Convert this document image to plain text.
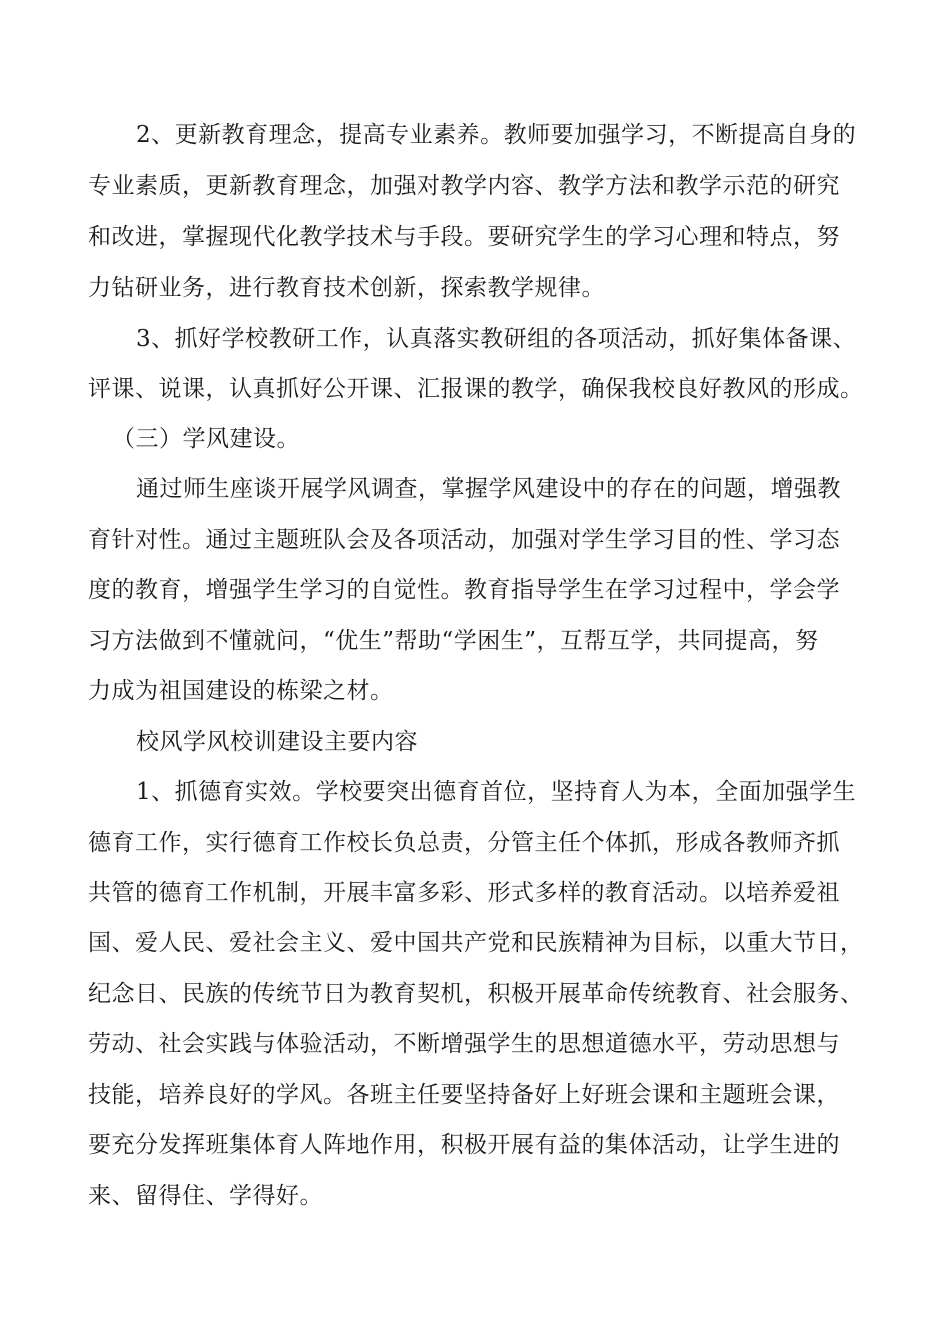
2、更新教育理念，提高专业素养。教师要加强学习，不断提高自身的
专业素质，更新教育理念，加强对教学内容、教学方法和教学示范的研究
和改进，掌握现代化教学技术与手段。要研究学生的学习心理和特点，努
力钻研业务，进行教育技术创新，探索教学规律。
3、抓好学校教研工作，认真落实教研组的各项活动，抓好集体备课、
评课、说课，认真抓好公开课、汇报课的教学，确保我校良好教风的形成。
（三）学风建设。
通过师生座谈开展学风调查，掌握学风建设中的存在的问题，增强教
育针对性。通过主题班队会及各项活动，加强对学生学习目的性、学习态
度的教育，增强学生学习的自觉性。教育指导学生在学习过程中，学会学
习方法做到不懂就问，“优生”帮助“学困生”，互帮互学，共同提高，努
力成为祖国建设的栋梁之材。
校风学风校训建设主要内容
1、抓德育实效。学校要突出德育首位，坚持育人为本，全面加强学生
德育工作，实行德育工作校长负总责，分管主任个体抓，形成各教师齐抓
共管的德育工作机制，开展丰富多彩、形式多样的教育活动。以培养爱祖
国、爱人民、爱社会主义、爱中国共产党和民族精神为目标，以重大节日，
纪念日、民族的传统节日为教育契机，积极开展革命传统教育、社会服务、
劳动、社会实践与体验活动，不断增强学生的思想道德水平，劳动思想与
技能，培养良好的学风。各班主任要坚持备好上好班会课和主题班会课，
要充分发挥班集体育人阵地作用，积极开展有益的集体活动，让学生进的
来、留得住、学得好。
